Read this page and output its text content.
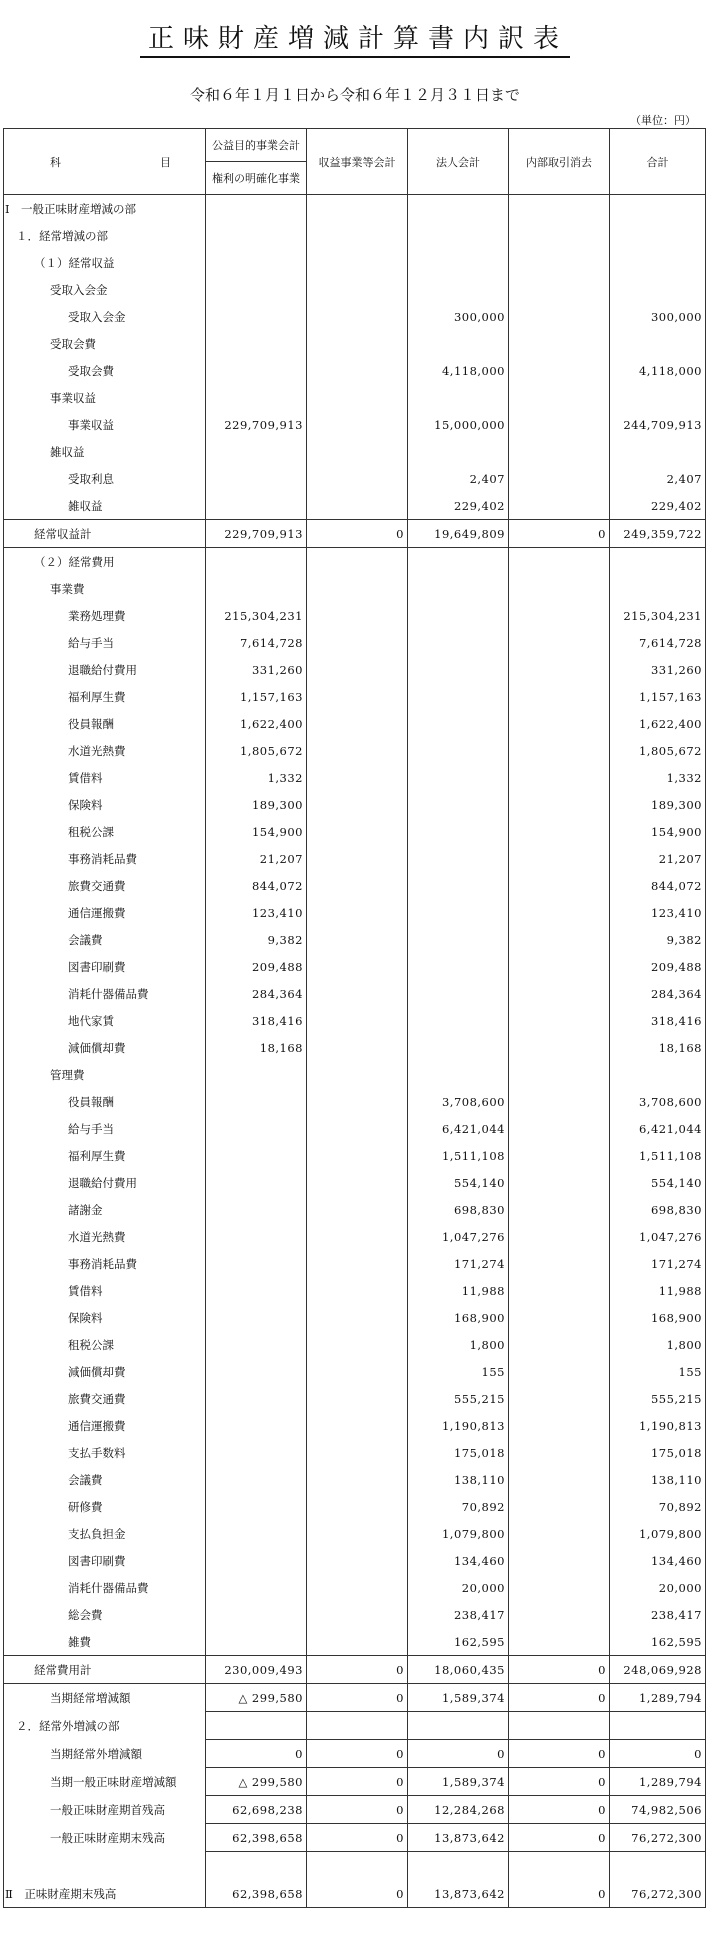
正味財産増減計算書内訳表
令和６年１月１日から令和６年１２月３１日まで
（単位：円）
科 目	公益目的事業会計	収益事業等会計	法人会計	内部取引消去	合計
	権利の明確化事業				
Ⅰ　一般正味財産増減の部					
１．経常増減の部					
（１）経常収益					
受取入会金					
受取入会金			300,000		300,000
受取会費					
受取会費			4,118,000		4,118,000
事業収益					
事業収益	229,709,913		15,000,000		244,709,913
雑収益					
受取利息			2,407		2,407
雑収益			229,402		229,402
経常収益計	229,709,913	0	19,649,809	0	249,359,722
（２）経常費用					
事業費					
業務処理費	215,304,231				215,304,231
給与手当	7,614,728				7,614,728
退職給付費用	331,260				331,260
福利厚生費	1,157,163				1,157,163
役員報酬	1,622,400				1,622,400
水道光熱費	1,805,672				1,805,672
賃借料	1,332				1,332
保険料	189,300				189,300
租税公課	154,900				154,900
事務消耗品費	21,207				21,207
旅費交通費	844,072				844,072
通信運搬費	123,410				123,410
会議費	9,382				9,382
図書印刷費	209,488				209,488
消耗什器備品費	284,364				284,364
地代家賃	318,416				318,416
減価償却費	18,168				18,168
管理費					
役員報酬			3,708,600		3,708,600
給与手当			6,421,044		6,421,044
福利厚生費			1,511,108		1,511,108
退職給付費用			554,140		554,140
諸謝金			698,830		698,830
水道光熱費			1,047,276		1,047,276
事務消耗品費			171,274		171,274
賃借料			11,988		11,988
保険料			168,900		168,900
租税公課			1,800		1,800
減価償却費			155		155
旅費交通費			555,215		555,215
通信運搬費			1,190,813		1,190,813
支払手数料			175,018		175,018
会議費			138,110		138,110
研修費			70,892		70,892
支払負担金			1,079,800		1,079,800
図書印刷費			134,460		134,460
消耗什器備品費			20,000		20,000
総会費			238,417		238,417
雑費			162,595		162,595
経常費用計	230,009,493	0	18,060,435	0	248,069,928
当期経常増減額	△ 299,580	0	1,589,374	0	1,289,794
２．経常外増減の部					
当期経常外増減額	0	0	0	0	0
当期一般正味財産増減額	△ 299,580	0	1,589,374	0	1,289,794
一般正味財産期首残高	62,698,238	0	12,284,268	0	74,982,506
一般正味財産期末残高	62,398,658	0	13,873,642	0	76,272,300

Ⅱ　正味財産期末残高	62,398,658	0	13,873,642	0	76,272,300
